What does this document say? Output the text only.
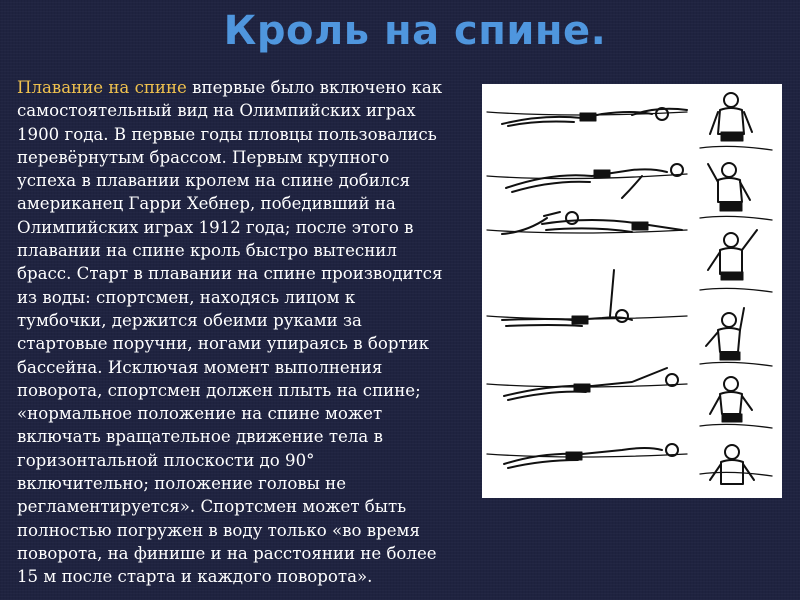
Кроль на спине.
Плавание на спине впервые было включено как
самостоятельный вид на Олимпийских играх
1900 года. В первые годы пловцы пользовались
перевёрнутым брассом. Первым крупного
успеха в плавании кролем на спине добился
американец Гарри Хебнер, победивший на
Олимпийских играх 1912 года; после этого в
плавании на спине кроль быстро вытеснил
брасс. Старт в плавании на спине производится
из воды: спортсмен, находясь лицом к
тумбочки, держится обеими руками за
стартовые поручни, ногами упираясь в бортик
бассейна. Исключая момент выполнения
поворота, спортсмен должен плыть на спине;
«нормальное положение на спине может
включать вращательное движение тела в
горизонтальной плоскости до 90°
включительно; положение головы не
регламентируется». Спортсмен может быть
полностью погружен в воду только «во время
поворота, на финише и на расстоянии не более
15 м после старта и каждого поворота».
